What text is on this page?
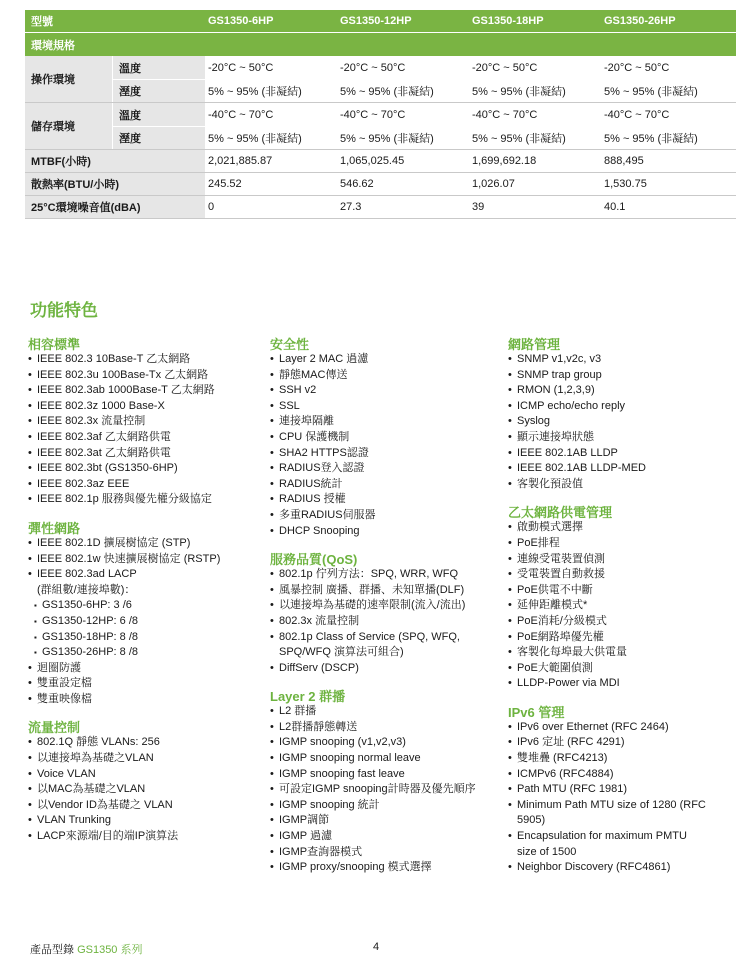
型號	GS1350-6HP	GS1350-12HP	GS1350-18HP	GS1350-26HP
環境規格
操作環境
溫度	-20°C ~ 50°C	-20°C ~ 50°C	-20°C ~ 50°C	-20°C ~ 50°C
溼度	5% ~ 95% (非凝結)	5% ~ 95% (非凝結)	5% ~ 95% (非凝結)	5% ~ 95% (非凝結)
儲存環境
溫度	-40°C ~ 70°C	-40°C ~ 70°C	-40°C ~ 70°C	-40°C ~ 70°C
溼度	5% ~ 95% (非凝結)	5% ~ 95% (非凝結)	5% ~ 95% (非凝結)	5% ~ 95% (非凝結)
MTBF(小時)	2,021,885.87	1,065,025.45	1,699,692.18	888,495
散熱率(BTU/小時)	245.52	546.62	1,026.07	1,530.75
25°C環境噪音值(dBA)	0	27.3	39	40.1
功能特色
相容標準
• IEEE 802.3 10Base-T 乙太網路
• IEEE 802.3u 100Base-Tx 乙太網路
• IEEE 802.3ab 1000Base-T 乙太網路
• IEEE 802.3z 1000 Base-X
• IEEE 802.3x 流量控制
• IEEE 802.3af 乙太網路供電
• IEEE 802.3at 乙太網路供電
• IEEE 802.3bt (GS1350-6HP)
• IEEE 802.3az EEE
• IEEE 802.1p 服務與優先權分級協定
彈性網路
• IEEE 802.1D 擴展樹協定 (STP)
• IEEE 802.1w 快速擴展樹協定 (RSTP)
• IEEE 802.3ad LACP
(群組數/連接埠數)：
▪ GS1350-6HP: 3 /6
▪ GS1350-12HP: 6 /8
▪ GS1350-18HP: 8 /8
▪ GS1350-26HP: 8 /8
• 迴圈防護
• 雙重設定檔
• 雙重映像檔
流量控制
• 802.1Q 靜態 VLANs: 256
• 以連接埠為基礎之VLAN
• Voice VLAN
• 以MAC為基礎之VLAN
• 以Vendor ID為基礎之 VLAN
• VLAN Trunking
• LACP來源端/目的端IP演算法
安全性
• Layer 2 MAC 過濾
• 靜態MAC傳送
• SSH v2
• SSL
• 連接埠隔離
• CPU 保護機制
• SHA2 HTTPS認證
• RADIUS登入認證
• RADIUS統計
• RADIUS 授權
• 多重RADIUS伺服器
• DHCP Snooping
服務品質(QoS)
• 802.1p 佇列方法：SPQ, WRR, WFQ
• 風暴控制 廣播、群播、未知單播(DLF)
• 以連接埠為基礎的速率限制(流入/流出)
• 802.3x 流量控制
• 802.1p Class of Service (SPQ, WFQ,
SPQ/WFQ 演算法可組合)
• DiffServ (DSCP)
Layer 2 群播
• L2 群播
• L2群播靜態轉送
• IGMP snooping (v1,v2,v3)
• IGMP snooping normal leave
• IGMP snooping fast leave
• 可設定IGMP snooping計時器及優先順序
• IGMP snooping 統計
• IGMP調節
• IGMP 過濾
• IGMP查詢器模式
• IGMP proxy/snooping 模式選擇
網路管理
• SNMP v1,v2c, v3
• SNMP trap group
• RMON (1,2,3,9)
• ICMP echo/echo reply
• Syslog
• 顯示連接埠狀態
• IEEE 802.1AB LLDP
• IEEE 802.1AB LLDP-MED
• 客製化預設值
乙太網路供電管理
• 啟動模式選擇
• PoE排程
• 連線受電裝置偵測
• 受電裝置自動救援
• PoE供電不中斷
• 延伸距離模式*
• PoE消耗/分級模式
• PoE網路埠優先權
• 客製化每埠最大供電量
• PoE大範圍偵測
• LLDP-Power via MDI
IPv6 管理
• IPv6 over Ethernet (RFC 2464)
• IPv6 定址 (RFC 4291)
• 雙堆疊 (RFC4213)
• ICMPv6 (RFC4884)
• Path MTU (RFC 1981)
• Minimum Path MTU size of 1280 (RFC
5905)
• Encapsulation for maximum PMTU
size of 1500
• Neighbor Discovery (RFC4861)
產品型錄 GS1350 系列	4
